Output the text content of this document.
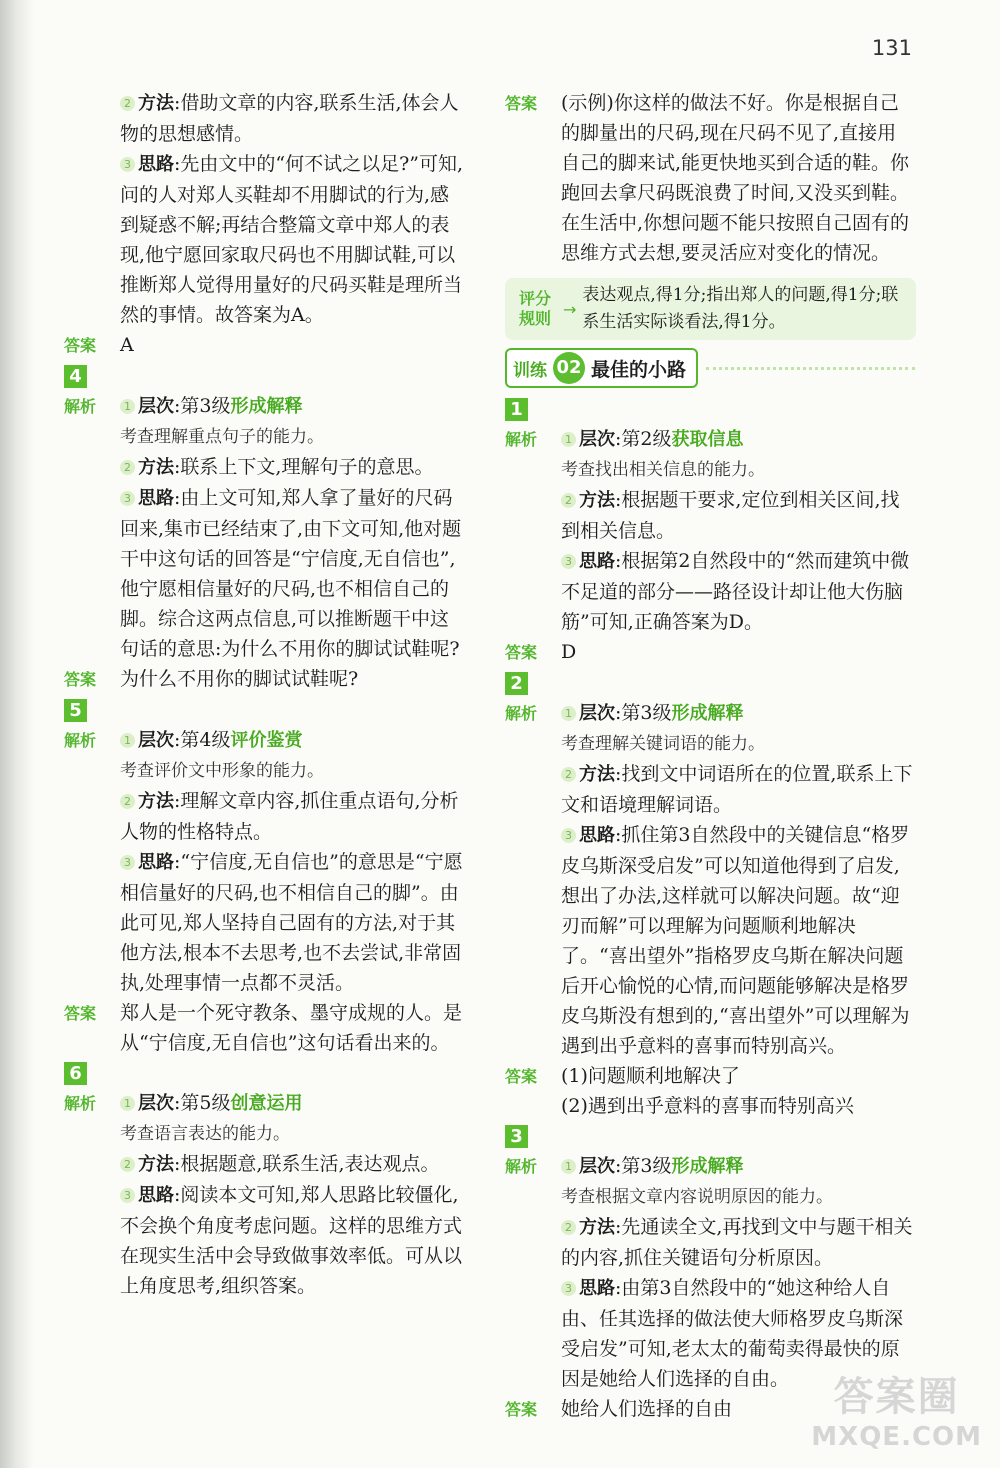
131
2 方法:借助文章的内容,联系生活,体会人物的思想感情。
3 思路:先由文中的“何不试之以足?”可知,问的人对郑人买鞋却不用脚试的行为,感到疑惑不解;再结合整篇文章中郑人的表现,他宁愿回家取尺码也不用脚试鞋,可以推断郑人觉得用量好的尺码买鞋是理所当然的事情。故答案为A。
答案	A
4
解析	1 层次:第3级形成解释

考查理解重点句子的能力。

2 方法:联系上下文,理解句子的意思。

3 思路:由上文可知,郑人拿了量好的尺码回来,集市已经结束了,由下文可知,他对题干中这句话的回答是“宁信度,无自信也”,他宁愿相信量好的尺码,也不相信自己的脚。综合这两点信息,可以推断题干中这句话的意思:为什么不用你的脚试试鞋呢?

答案	为什么不用你的脚试试鞋呢?
5
解析	1 层次:第4级评价鉴赏

考查评价文中形象的能力。

2 方法:理解文章内容,抓住重点语句,分析人物的性格特点。

3 思路:“宁信度,无自信也”的意思是“宁愿相信量好的尺码,也不相信自己的脚”。由此可见,郑人坚持自己固有的方法,对于其他方法,根本不去思考,也不去尝试,非常固执,处理事情一点都不灵活。

答案	郑人是一个死守教条、墨守成规的人。是从“宁信度,无自信也”这句话看出来的。
6
解析	1 层次:第5级创意运用

考查语言表达的能力。

2 方法:根据题意,联系生活,表达观点。

3 思路:阅读本文可知,郑人思路比较僵化,不会换个角度考虑问题。这样的思维方式在现实生活中会导致做事效率低。可从以上角度思考,组织答案。

答案	(示例)你这样的做法不好。你是根据自己的脚量出的尺码,现在尺码不见了,直接用自己的脚来试,能更快地买到合适的鞋。你跑回去拿尺码既浪费了时间,又没买到鞋。在生活中,你想问题不能只按照自己固有的思维方式去想,要灵活应对变化的情况。
评分
规则 →
表达观点,得1分;指出郑人的问题,得1分;联系生活实际谈看法,得1分。
训练 02 最佳的小路
1
解析	1 层次:第2级获取信息

考查找出相关信息的能力。

2 方法:根据题干要求,定位到相关区间,找到相关信息。

3 思路:根据第2自然段中的“然而建筑中微不足道的部分——路径设计却让他大伤脑筋”可知,正确答案为D。

答案	D
2
解析	1 层次:第3级形成解释

考查理解关键词语的能力。

2 方法:找到文中词语所在的位置,联系上下文和语境理解词语。

3 思路:抓住第3自然段中的关键信息“格罗皮乌斯深受启发”可以知道他得到了启发,想出了办法,这样就可以解决问题。故“迎刃而解”可以理解为问题顺利地解决了。“喜出望外”指格罗皮乌斯在解决问题后开心愉悦的心情,而问题能够解决是格罗皮乌斯没有想到的,“喜出望外”可以理解为遇到出乎意料的喜事而特别高兴。

答案	(1)问题顺利地解决了

(2)遇到出乎意料的喜事而特别高兴

3
解析	1 层次:第3级形成解释

考查根据文章内容说明原因的能力。

2 方法:先通读全文,再找到文中与题干相关的内容,抓住关键语句分析原因。

3 思路:由第3自然段中的“她这种给人自由、任其选择的做法使大师格罗皮乌斯深受启发”可知,老太太的葡萄卖得最快的原因是她给人们选择的自由。

答案	她给人们选择的自由	答案圈
MXQE.COM
